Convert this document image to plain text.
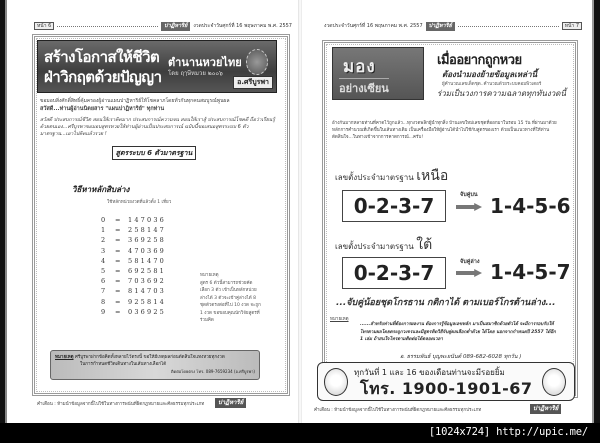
หน้า 6	ปาฏิหาริย์	งวดประจำวันศุกร์ที่ 16 พฤษภาคม พ.ศ. 2557
สร้างโอกาสให้ชีวิต
ฝ่าวิกฤตด้วยปัญญา
ตำนานหวยไทย
โดย ฤๅษีหมวย ๒๐๐๖
อ.ศรีบูรพา
ขอมอบสิ่งศักดิ์สิทธิ์คุ้มครองผู้อ่านแผนปาฏิหาริย์ให้โชคลาภโดยทั่วกันทุกคนสมบูรณ์พูนผล
สวัสดี...ท่านผู้อ่านนิตยสาร "แผนปาฏิหาริย์" ทุกท่าน
สวัสดี ประสบการณ์ชีวิต สอนให้เราคิดมาก ประสบการณ์ความจน สอนให้เราสู้ ประสบการณ์โชคดี ถือว่าเรียนรู้ด้วยตนเอง...ศรีบูรพาขอมอบสูตรหวยให้ท่านผู้อ่านเป็นประสบการณ์ ฉบับนี้ขอเสนอสูตรระบบ 6 ตัว มาตรฐาน...เอาไปคิดแล้วรวย !
สูตรระบบ 6 ตัวมาตรฐาน
วิธีหาหลักสิบล่าง
ใช้หลักหน่วยงวดที่แล้วตั้ง 1 เที่ยว
0	=	147036
1	=	258147
2	=	369258
3	=	470369
4	=	581470
5	=	692581
6	=	703692
7	=	814703
8	=	925814
9	=	036925
หมายเหตุ
สูตร 6 ตัวนี้สามารถช่วยคัดเลือก 3 ตัว เข้าเป็นหลักหน่วยล่างได้ 3 ตัวจะเข้าคู่ล่างได้ 8 ชุดตัวตรงต่อที่ไป 10 งวด จะถูก 1 งวด ขอขอบคุณนักวิจัยสูตรที่ร่วมคิด
หมายเหตุ ศรีบูรพาฝากข้อคิดทั้งหลายไว้ตรงนี้ ขอให้มีเหตุผลก่อนตัดสินใจแทงหวยทุกงวด
ในการกำหนดชีวิตเดินทางในเส้นทางเลือกได้
ติดต่อโดยตรง โทร. 089-7659234 (อ.ศรีบูรพา)
คำเตือน : ห้ามนำข้อมูลจากนี้ไปใช้ในทางการพนันที่ผิดกฎหมายและศีลธรรมทุกประเภท	ปาฏิหาริย์
งวดประจำวันศุกร์ที่ 16 พฤษภาคม พ.ศ. 2557	ปาฏิหาริย์	หน้า 7
มอง
อย่างเซียน
เมื่ออยากถูกหวย
ต้องนำมองย้ายข้อมูลเหล่านี้
ผู้คำนวณเลขเด็ดชุด..คำนวณด้วยระบบคอมพิวเตอร์
ร่วมเป็นวงการความฉลาดทุกทันงวดนี้
อ้างกันมากหลายท่านที่คาดไว้ถูกแล้ว...ทุกงวดพลิกผู้นำทุกสิ่ง บ้านเลขใหม่เลขชุดที่ออกมาในรอบ 15 วัน ที่ผ่านมาด้วยหลักการคำนวณที่เกิดขึ้นในเส้นทางเดิม เป็นเครื่องมือให้ผู้อ่านได้นำไปใช้กับสูตรของเรา ด้วยเป็นแนวทางที่ให้ท่านตัดสินใจ...ในทางเข้าจากการคาดการณ์...ครับ!
เลขตั้งประจำมาตรฐาน เหนือ
0-2-3-7	จับคู่บน 1-4-5-6
เลขตั้งประจำมาตรฐาน ใต้
0-2-3-7	จับคู่ล่าง 1-4-5-7
...จับคู่น้อยชุดโกรธาน กติกาได้ ตามเบอร์โกรต้านล่าง...
หมายเหตุ
......สำหรับท่านที่ต้องการผลงาน ต้องการรู้ข้อมูลเลขหลัก มาเป็นสมาชิกด้วยตัวได้ จะมีการรอบรับให้โทรตามผลโดยตรงถูกวงจรและมีสูตรคิดวิธีจับคู่ผลเลือกต่ำด้วย ได้โดย นอกจากกำหนดปี 2557 ได้อีก 1 เล่ม ถ้าสนใจโทรตามติดต่อได้ตลอดเวลา
อ. ธรรมพันธ์ บุญพะยนันต์ 089-682-6028 ทุกวัน )
ทุกวันที่ 1 และ 16 ของเดือนท่านจะมีรอยยิ้ม
โทร. 1900-1901-67
คำเตือน : ห้ามนำข้อมูลจากนี้ไปใช้ในทางการพนันที่ผิดกฎหมายและศีลธรรมทุกประเภท	ปาฏิหาริย์
[1024x724] http://upic.me/
